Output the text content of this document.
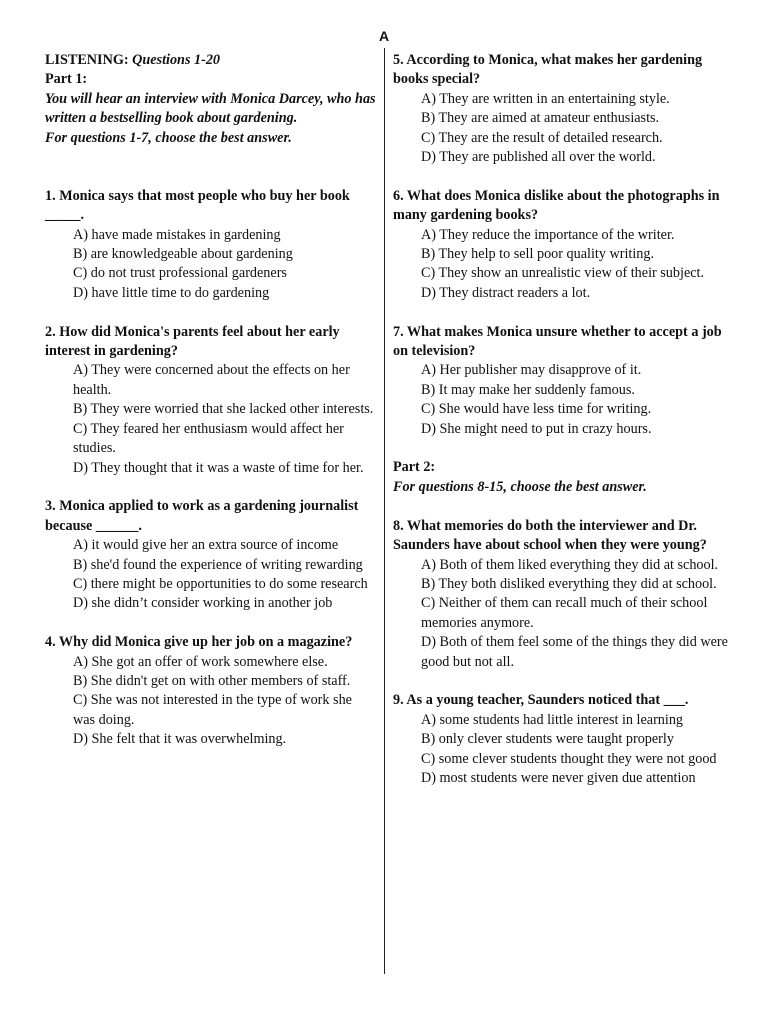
A

LISTENING: Questions 1-20

Part 1:

You will hear an interview with Monica Darcey, who has written a bestselling book about gardening.

For questions 1-7, choose the best answer.

1. Monica says that most people who buy her book _____.

A) have made mistakes in gardening
B) are knowledgeable about gardening
C) do not trust professional gardeners
D) have little time to do gardening

2. How did Monica's parents feel about her early interest in gardening?

A) They were concerned about the effects on her health.
B) They were worried that she lacked other interests.
C) They feared her enthusiasm would affect her studies.
D) They thought that it was a waste of time for her.

3. Monica applied to work as a gardening journalist because ______.

A) it would give her an extra source of income
B) she'd found the experience of writing rewarding
C) there might be opportunities to do some research
D) she didn’t consider working in another job

4. Why did Monica give up her job on a magazine?

A) She got an offer of work somewhere else.
B) She didn't get on with other members of staff.
C) She was not interested in the type of work she was doing.
D) She felt that it was overwhelming.

5. According to Monica, what makes her gardening books special?

A) They are written in an entertaining style.
B) They are aimed at amateur enthusiasts.
C) They are the result of detailed research.
D) They are published all over the world.

6. What does Monica dislike about the photographs in many gardening books?

A) They reduce the importance of the writer.
B) They help to sell poor quality writing.
C) They show an unrealistic view of their subject.
D) They distract readers a lot.

7. What makes Monica unsure whether to accept a job on television?

A) Her publisher may disapprove of it.
B) It may make her suddenly famous.
C) She would have less time for writing.
D) She might need to put in crazy hours.

Part 2:

For questions 8-15, choose the best answer.

8. What memories do both the interviewer and Dr. Saunders have about school when they were young?

A) Both of them liked everything they did at school.
B) They both disliked everything they did at school.
C) Neither of them can recall much of their school memories anymore.
D) Both of them feel some of the things they did were good but not all.

9. As a young teacher, Saunders noticed that ___.

A) some students had little interest in learning
B) only clever students were taught properly
C) some clever students thought they were not good
D) most students were never given due attention
